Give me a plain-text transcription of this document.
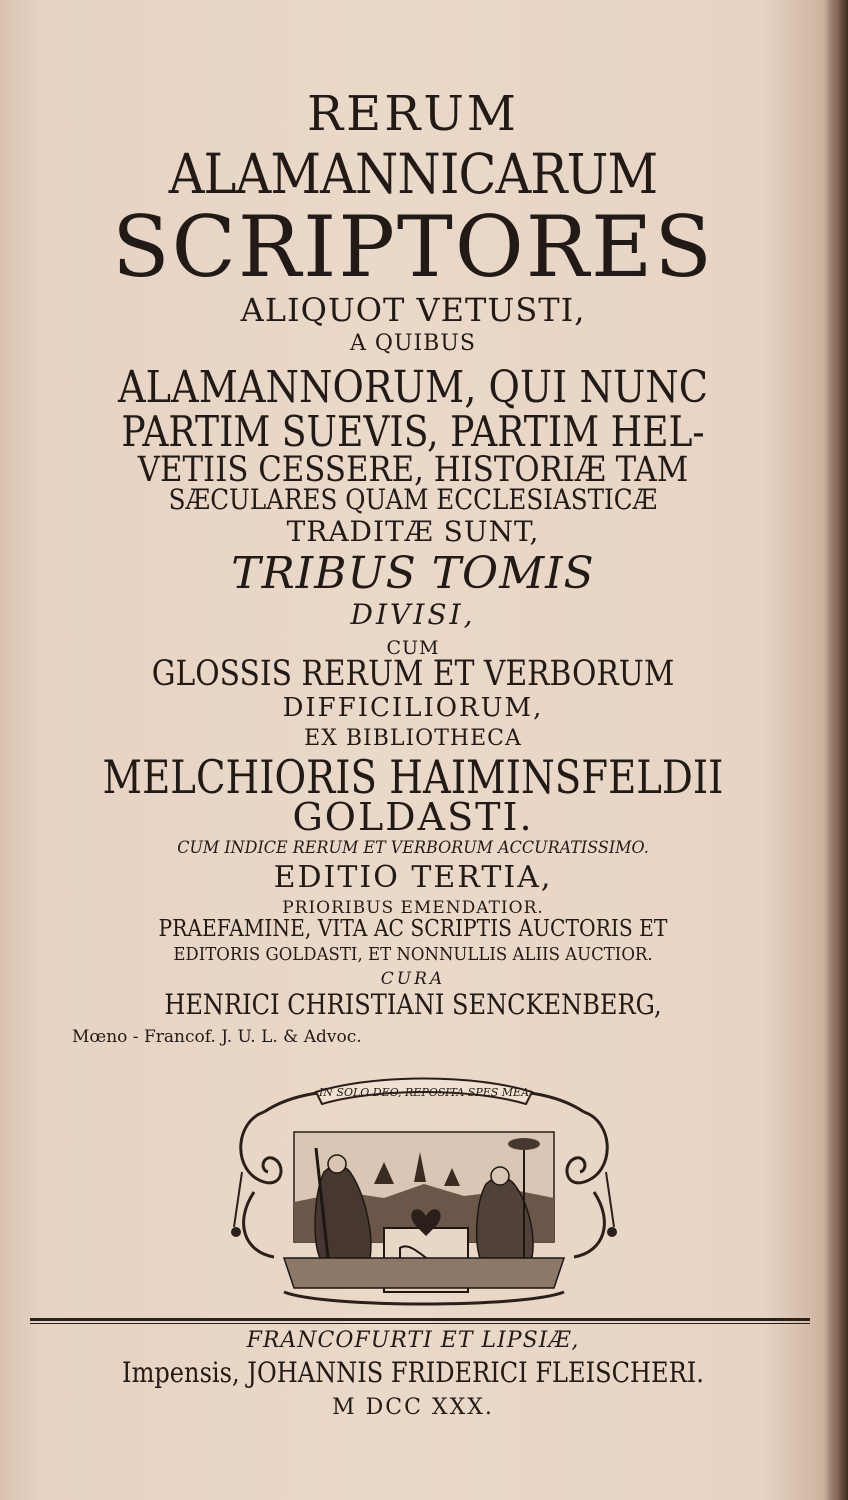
RERUM
ALAMANNICARUM
SCRIPTORES
ALIQUOT VETUSTI,
A QUIBUS
ALAMANNORUM, QUI NUNC
PARTIM SUEVIS, PARTIM HEL-
VETIIS CESSERE, HISTORIÆ TAM
SÆCULARES QUAM ECCLESIASTICÆ
TRADITÆ SUNT,
TRIBUS TOMIS
DIVISI,
CUM
GLOSSIS RERUM ET VERBORUM
DIFFICILIORUM,
EX BIBLIOTHECA
MELCHIORIS HAIMINSFELDII
GOLDASTI.
CUM INDICE RERUM ET VERBORUM ACCURATISSIMO.
EDITIO TERTIA,
PRIORIBUS EMENDATIOR.
PRAEFAMINE, VITA AC SCRIPTIS AUCTORIS ET
EDITORIS GOLDASTI, ET NONNULLIS ALIIS AUCTIOR.
CURA
HENRICI CHRISTIANI SENCKENBERG,
Mœno - Francof. J. U. L. & Advoc.
IN SOLO DEO, REPOSITA SPES MEA
FRANCOFURTI ET LIPSIÆ,
Impensis, JOHANNIS FRIDERICI FLEISCHERI.
M DCC XXX.
